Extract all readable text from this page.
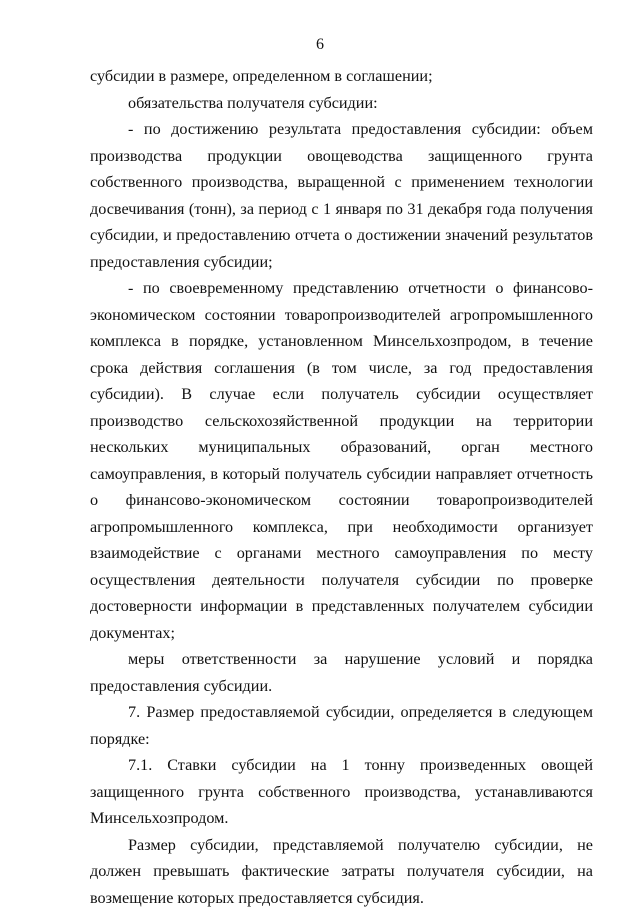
6

субсидии в размере, определенном в соглашении;

обязательства получателя субсидии:

- по достижению результата предоставления субсидии: объем производства продукции овощеводства защищенного грунта собственного производства, выращенной с применением технологии досвечивания (тонн), за период с 1 января по 31 декабря года получения субсидии, и предоставлению отчета о достижении значений результатов предоставления субсидии;

- по своевременному представлению отчетности о финансово-экономическом состоянии товаропроизводителей агропромышленного комплекса в порядке, установленном Минсельхозпродом, в течение срока действия соглашения (в том числе, за год предоставления субсидии). В случае если получатель субсидии осуществляет производство сельскохозяйственной продукции на территории нескольких муниципальных образований, орган местного самоуправления, в который получатель субсидии направляет отчетность о финансово-экономическом состоянии товаропроизводителей агропромышленного комплекса, при необходимости организует взаимодействие с органами местного самоуправления по месту осуществления деятельности получателя субсидии по проверке достоверности информации в представленных получателем субсидии документах;

меры ответственности за нарушение условий и порядка предоставления субсидии.

7. Размер предоставляемой субсидии, определяется в следующем порядке:

7.1. Ставки субсидии на 1 тонну произведенных овощей защищенного грунта собственного производства, устанавливаются Минсельхозпродом.

Размер субсидии, представляемой получателю субсидии, не должен превышать фактические затраты получателя субсидии, на возмещение которых предоставляется субсидия.
